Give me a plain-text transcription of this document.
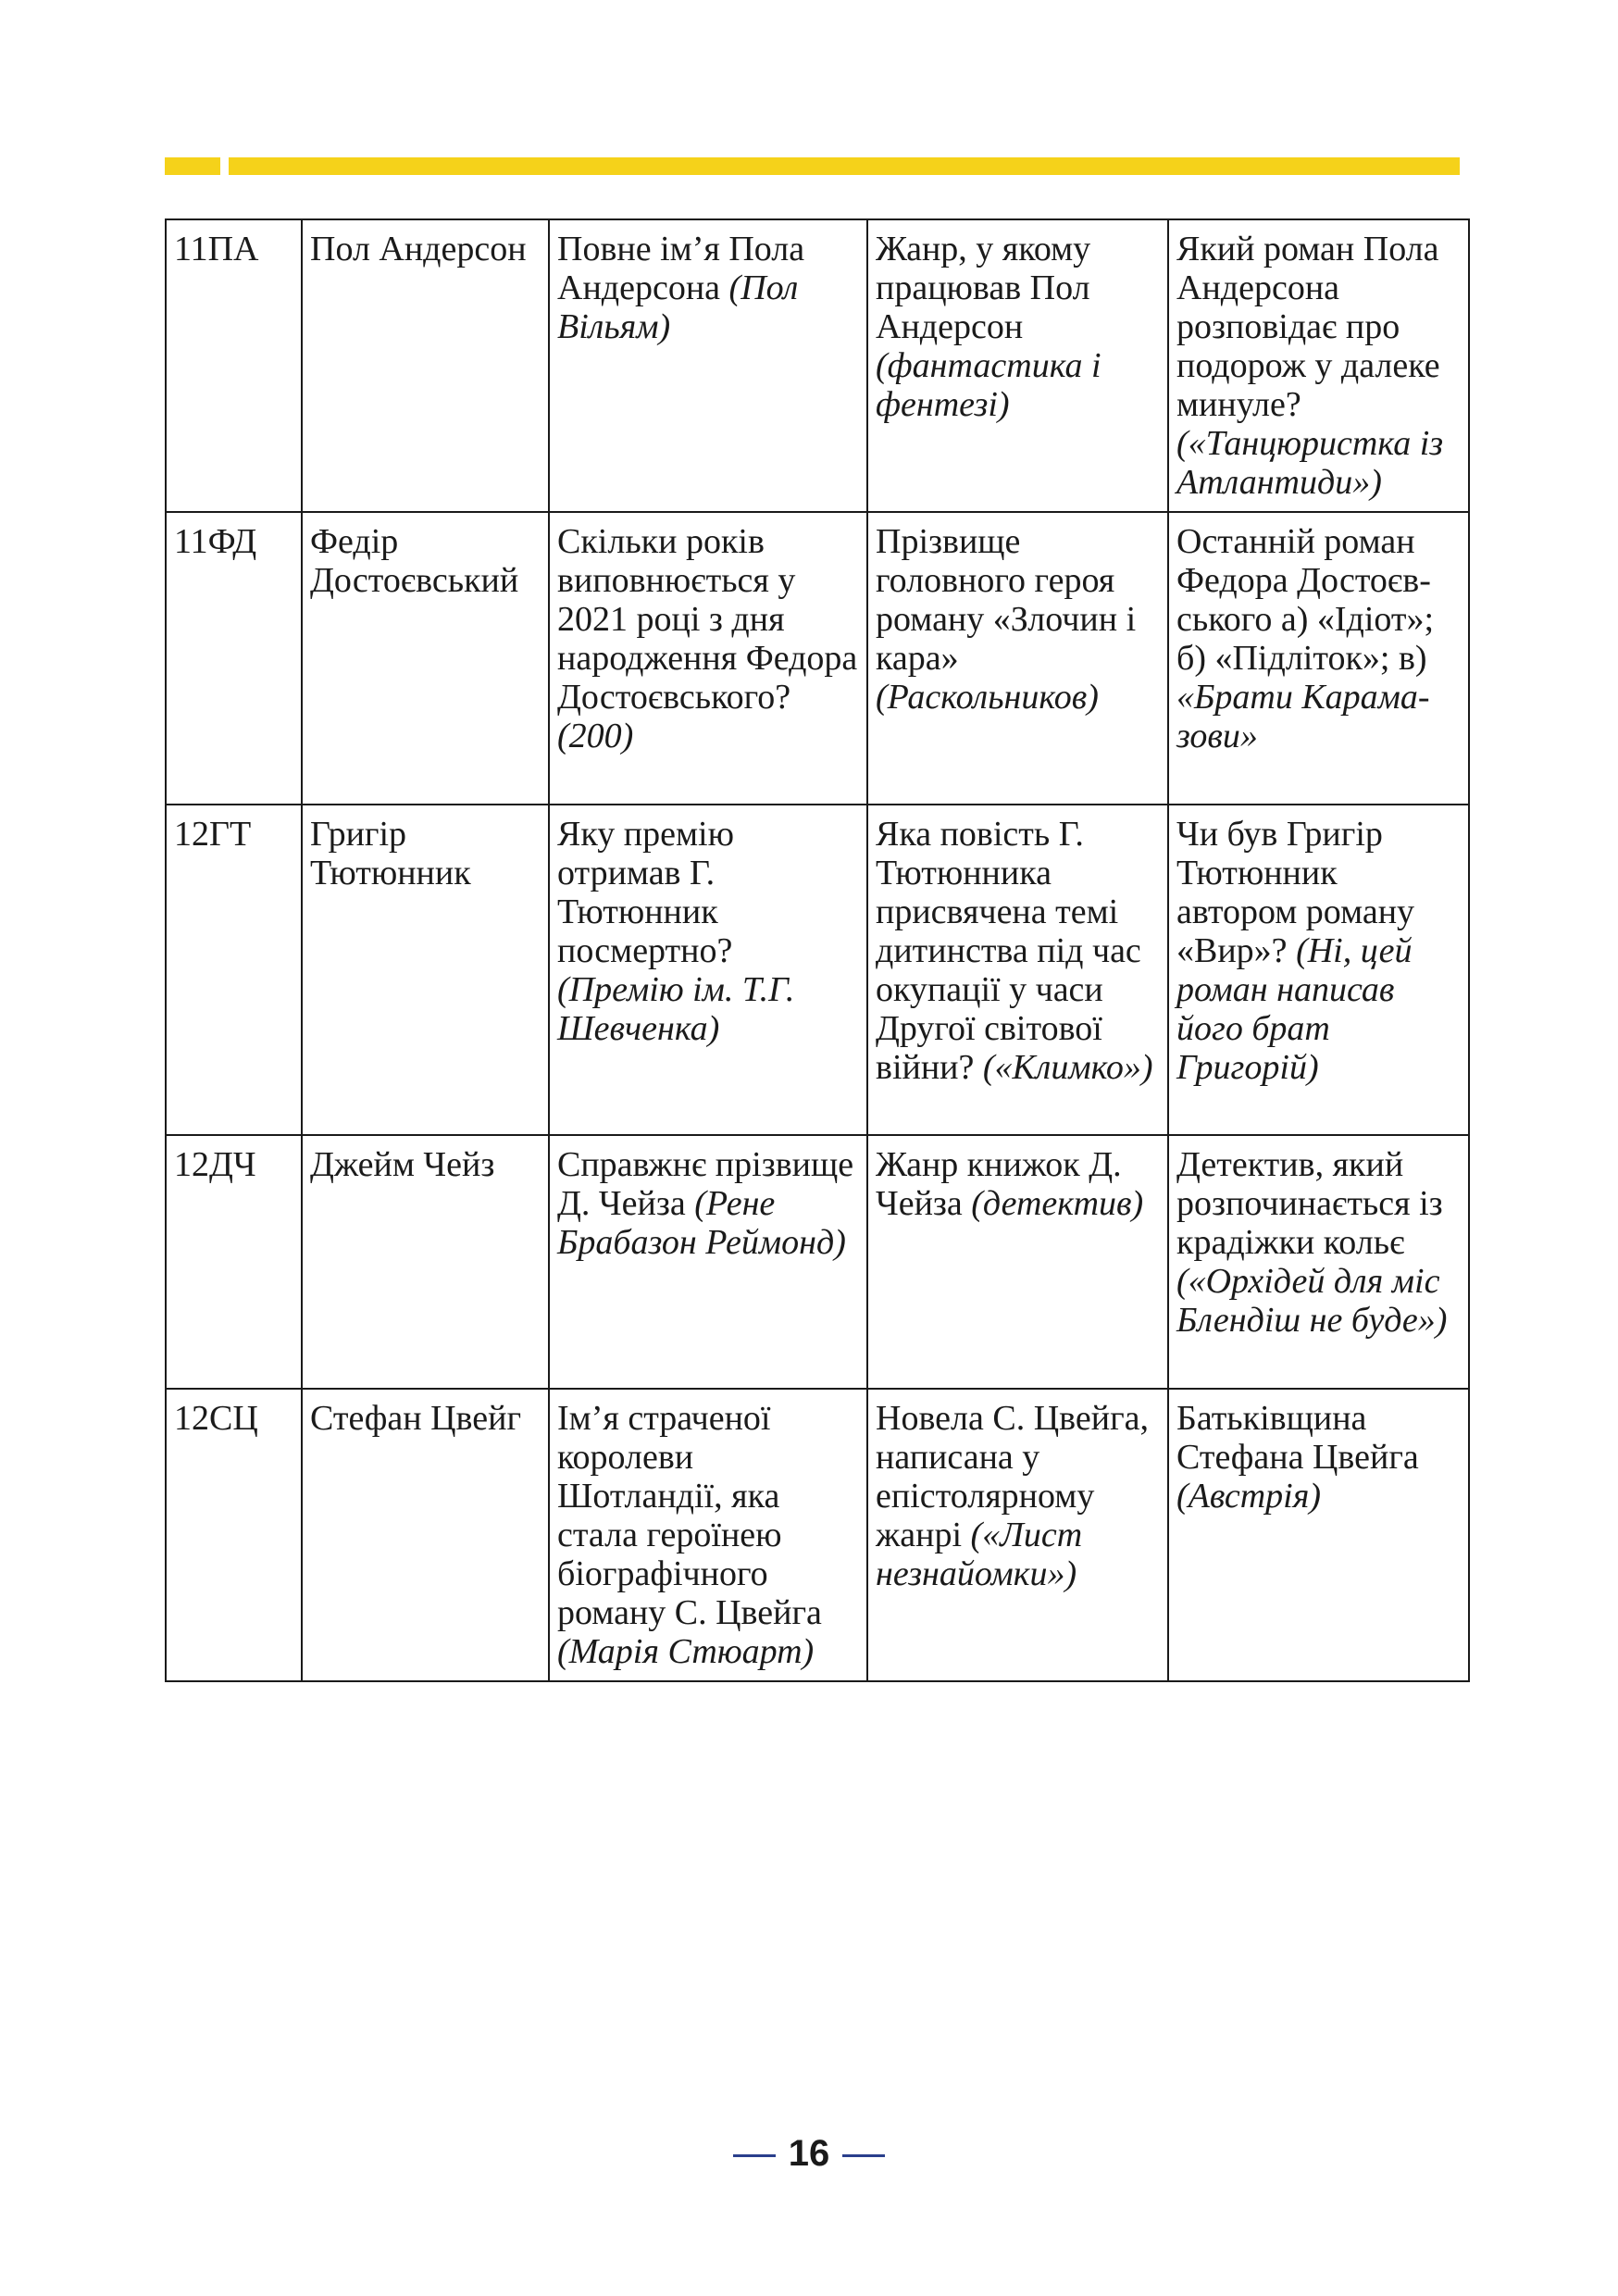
11ПА	Пол Андерсон	Повне ім’я Пола Андерсона (Пол Вільям)	Жанр, у якому працював Пол Андерсон (фантастика і фентезі)	Який роман Пола Андерсона розповідає про подорож у далеке минуле? («Танцюристка із Атлантиди»)
11ФД	Федір Достоєвський	Скільки років виповнюється у 2021 році з дня народження Федора Достоєвського? (200)	Прізвище головного героя роману «Злочин і кара» (Раскольников)	Останній роман Федора Достоєвського а) «Ідіот»; б) «Підліток»; в) «Брати Карамазови»
12ГТ	Григір Тютюнник	Яку премію отримав Г. Тютюнник посмертно? (Премію ім. Т.Г. Шевченка)	Яка повість Г. Тютюнника присвячена темі дитинства під час окупації у часи Другої світової війни? («Климко»)	Чи був Григір Тютюнник автором роману «Вир»? (Ні, цей роман написав його брат Григорій)
12ДЧ	Джейм Чейз	Справжнє прізвище Д. Чейза (Рене Брабазон Реймонд)	Жанр книжок Д. Чейза (детектив)	Детектив, який розпочинається із крадіжки кольє («Орхідей для міс Блендіш не буде»)
12СЦ	Стефан Цвейг	Ім’я страченої королеви Шотландії, яка стала героїнею біографічного роману С. Цвейга (Марія Стюарт)	Новела С. Цвейга, написана у епістолярному жанрі («Лист незнайомки»)	Батьківщина Стефана Цвейга (Австрія)
16
